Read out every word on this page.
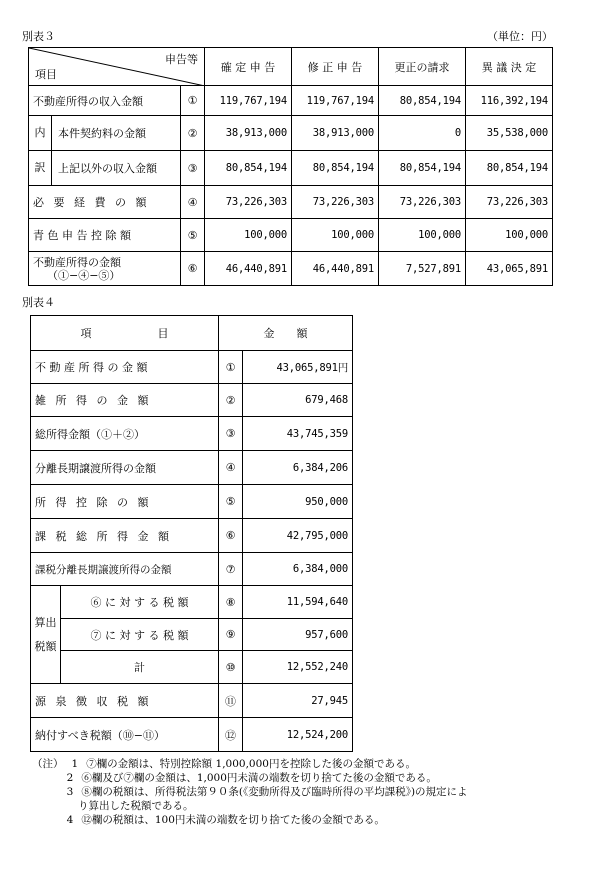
別表３	（単位：円）
申告等
項目		確 定 申 告	修 正 申 告	更正の請求	異 議 決 定
不動産所得の収入金額	①	119,767,194	119,767,194	80,854,194	116,392,194

内 本件契約料の金額	②	38,913,000	38,913,000	0	35,538,000

訳 上記以外の収入金額	③	80,854,194	80,854,194	80,854,194	80,854,194
必 要 経 費 の 額	④	73,226,303	73,226,303	73,226,303	73,226,303
青 色 申 告 控 除 額	⑤	100,000	100,000	100,000	100,000

不動産所得の金額
（①−④−⑤）	⑥	46,440,891	46,440,891	7,527,891	43,065,891
別表４
項　　　　　　目		金　　額	
不 動 産 所 得 の 金 額		①	43,065,891円
雑 所 得 の 金 額		②	679,468
総所得金額（①＋②）		③	43,745,359
分離長期譲渡所得の金額		④	6,384,206
所 得 控 除 の 額		⑤	950,000
課 税 総 所 得 金 額		⑥	42,795,000
課税分離長期譲渡所得の金額		⑦	6,384,000

算出
税額	⑥ に 対 す る 税 額	⑧	11,594,640
	⑦ に 対 す る 税 額	⑨	957,600
	計	⑩	12,552,240
源 泉 徴 収 税 額		⑪	27,945
納付すべき税額（⑩−⑪）		⑫	12,524,200
（注） 1 ⑦欄の金額は、特別控除額 1,000,000円を控除した後の金額である。
2 ⑥欄及び⑦欄の金額は、1,000円未満の端数を切り捨てた後の金額である。
3 ⑧欄の税額は、所得税法第９０条(《変動所得及び臨時所得の平均課税》)の規定によ
り算出した税額である。
4 ⑫欄の税額は、100円未満の端数を切り捨てた後の金額である。
